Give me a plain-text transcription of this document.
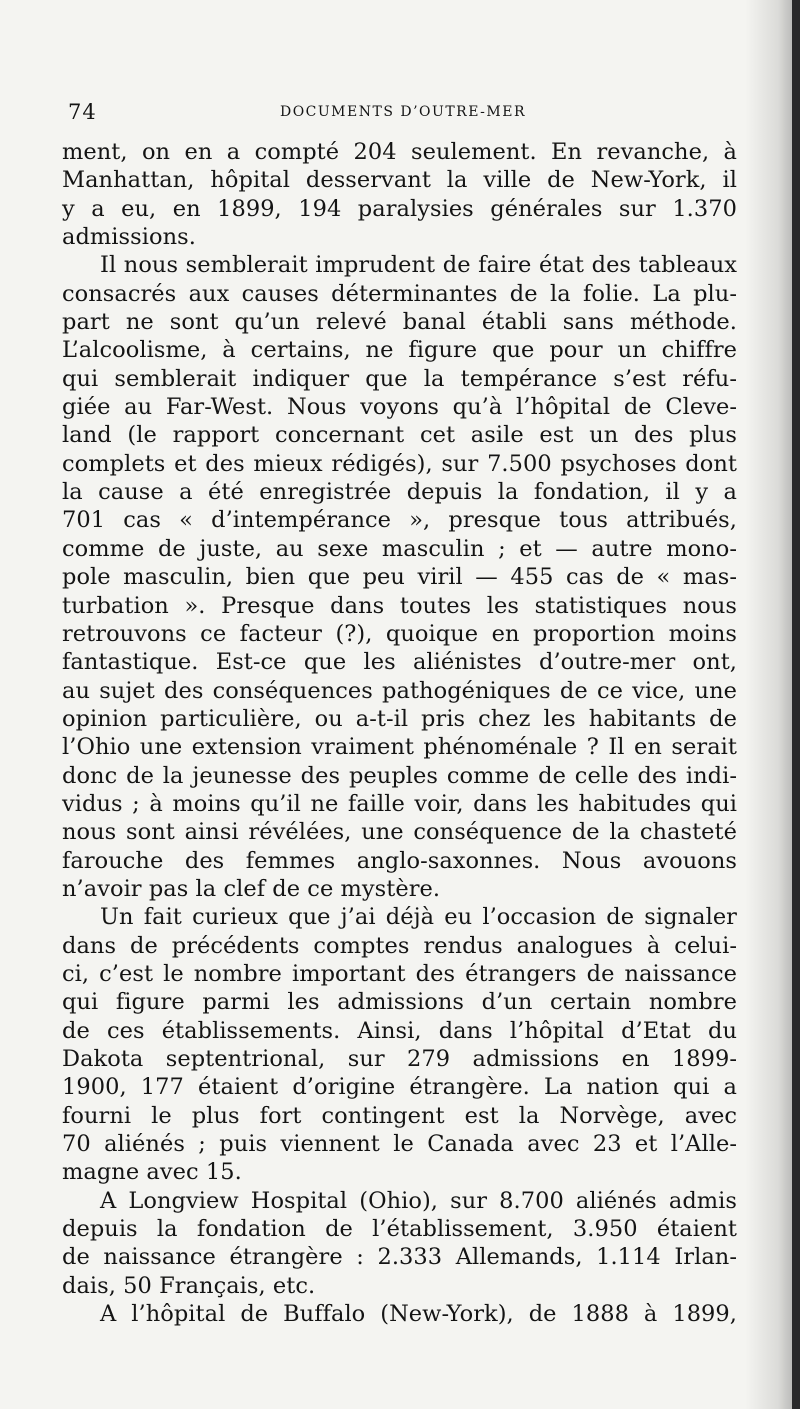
74	DOCUMENTS D’OUTRE-MER
ment, on en a compté 204 seulement. En revanche, à
Manhattan, hôpital desservant la ville de New-York, il
y a eu, en 1899, 194 paralysies générales sur 1.370
admissions.
Il nous semblerait imprudent de faire état des tableaux
consacrés aux causes déterminantes de la folie. La plu-
part ne sont qu’un relevé banal établi sans méthode.
L’alcoolisme, à certains, ne figure que pour un chiffre
qui semblerait indiquer que la tempérance s’est réfu-
giée au Far-West. Nous voyons qu’à l’hôpital de Cleve-
land (le rapport concernant cet asile est un des plus
complets et des mieux rédigés), sur 7.500 psychoses dont
la cause a été enregistrée depuis la fondation, il y a
701 cas « d’intempérance », presque tous attribués,
comme de juste, au sexe masculin ; et — autre mono-
pole masculin, bien que peu viril — 455 cas de « mas-
turbation ». Presque dans toutes les statistiques nous
retrouvons ce facteur (?), quoique en proportion moins
fantastique. Est-ce que les aliénistes d’outre-mer ont,
au sujet des conséquences pathogéniques de ce vice, une
opinion particulière, ou a-t-il pris chez les habitants de
l’Ohio une extension vraiment phénoménale ? Il en serait
donc de la jeunesse des peuples comme de celle des indi-
vidus ; à moins qu’il ne faille voir, dans les habitudes qui
nous sont ainsi révélées, une conséquence de la chasteté
farouche des femmes anglo-saxonnes. Nous avouons
n’avoir pas la clef de ce mystère.
Un fait curieux que j’ai déjà eu l’occasion de signaler
dans de précédents comptes rendus analogues à celui-
ci, c’est le nombre important des étrangers de naissance
qui figure parmi les admissions d’un certain nombre
de ces établissements. Ainsi, dans l’hôpital d’Etat du
Dakota septentrional, sur 279 admissions en 1899-
1900, 177 étaient d’origine étrangère. La nation qui a
fourni le plus fort contingent est la Norvège, avec
70 aliénés ; puis viennent le Canada avec 23 et l’Alle-
magne avec 15.
A Longview Hospital (Ohio), sur 8.700 aliénés admis
depuis la fondation de l’établissement, 3.950 étaient
de naissance étrangère : 2.333 Allemands, 1.114 Irlan-
dais, 50 Français, etc.
A l’hôpital de Buffalo (New-York), de 1888 à 1899,
